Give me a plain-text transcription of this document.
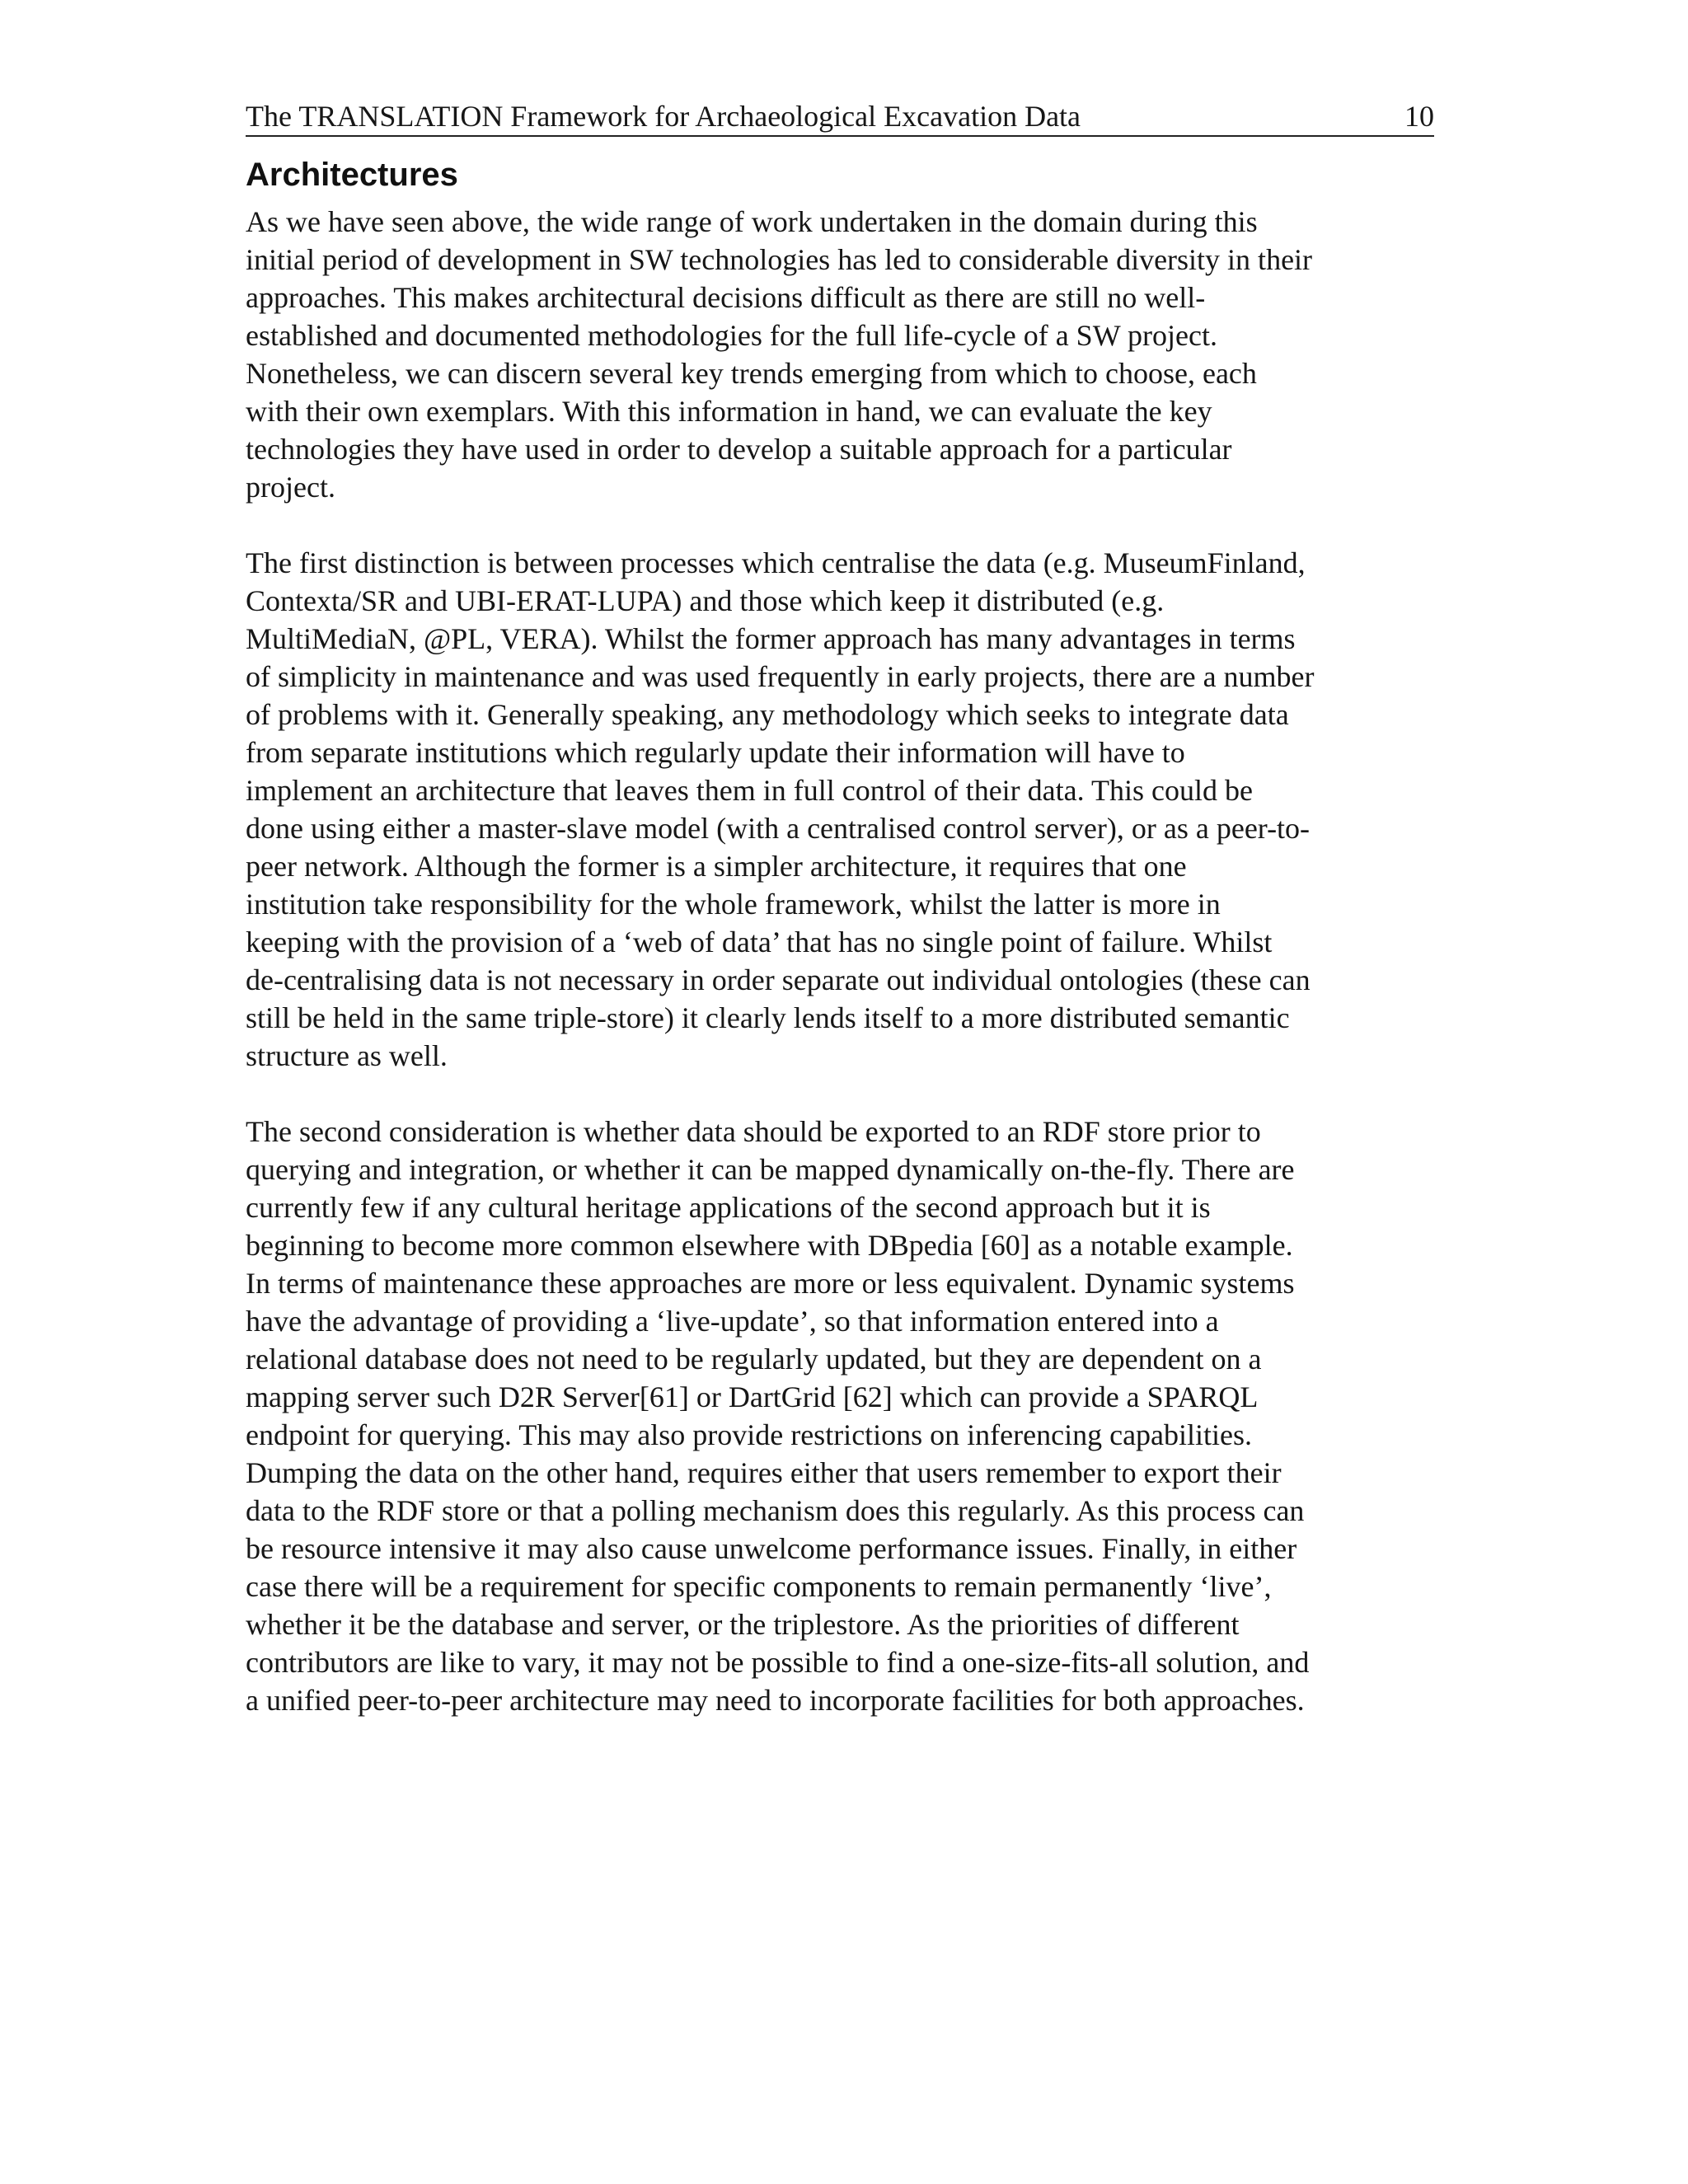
The TRANSLATION Framework for Archaeological Excavation Data	10
Architectures

As we have seen above, the wide range of work undertaken in the domain during this
initial period of development in SW technologies has led to considerable diversity in their
approaches. This makes architectural decisions difficult as there are still no well-
established and documented methodologies for the full life-cycle of a SW project.
Nonetheless, we can discern several key trends emerging from which to choose, each
with their own exemplars. With this information in hand, we can evaluate the key
technologies they have used in order to develop a suitable approach for a particular
project.

The first distinction is between processes which centralise the data (e.g. MuseumFinland,
Contexta/SR and UBI-ERAT-LUPA) and those which keep it distributed (e.g.
MultiMediaN, @PL, VERA). Whilst the former approach has many advantages in terms
of simplicity in maintenance and was used frequently in early projects, there are a number
of problems with it. Generally speaking, any methodology which seeks to integrate data
from separate institutions which regularly update their information will have to
implement an architecture that leaves them in full control of their data. This could be
done using either a master-slave model (with a centralised control server), or as a peer-to-
peer network. Although the former is a simpler architecture, it requires that one
institution take responsibility for the whole framework, whilst the latter is more in
keeping with the provision of a ‘web of data’ that has no single point of failure. Whilst
de-centralising data is not necessary in order separate out individual ontologies (these can
still be held in the same triple-store) it clearly lends itself to a more distributed semantic
structure as well.

The second consideration is whether data should be exported to an RDF store prior to
querying and integration, or whether it can be mapped dynamically on-the-fly. There are
currently few if any cultural heritage applications of the second approach but it is
beginning to become more common elsewhere with DBpedia [60] as a notable example.
In terms of maintenance these approaches are more or less equivalent. Dynamic systems
have the advantage of providing a ‘live-update’, so that information entered into a
relational database does not need to be regularly updated, but they are dependent on a
mapping server such D2R Server[61] or DartGrid [62] which can provide a SPARQL
endpoint for querying. This may also provide restrictions on inferencing capabilities.
Dumping the data on the other hand, requires either that users remember to export their
data to the RDF store or that a polling mechanism does this regularly. As this process can
be resource intensive it may also cause unwelcome performance issues. Finally, in either
case there will be a requirement for specific components to remain permanently ‘live’,
whether it be the database and server, or the triplestore. As the priorities of different
contributors are like to vary, it may not be possible to find a one-size-fits-all solution, and
a unified peer-to-peer architecture may need to incorporate facilities for both approaches.
